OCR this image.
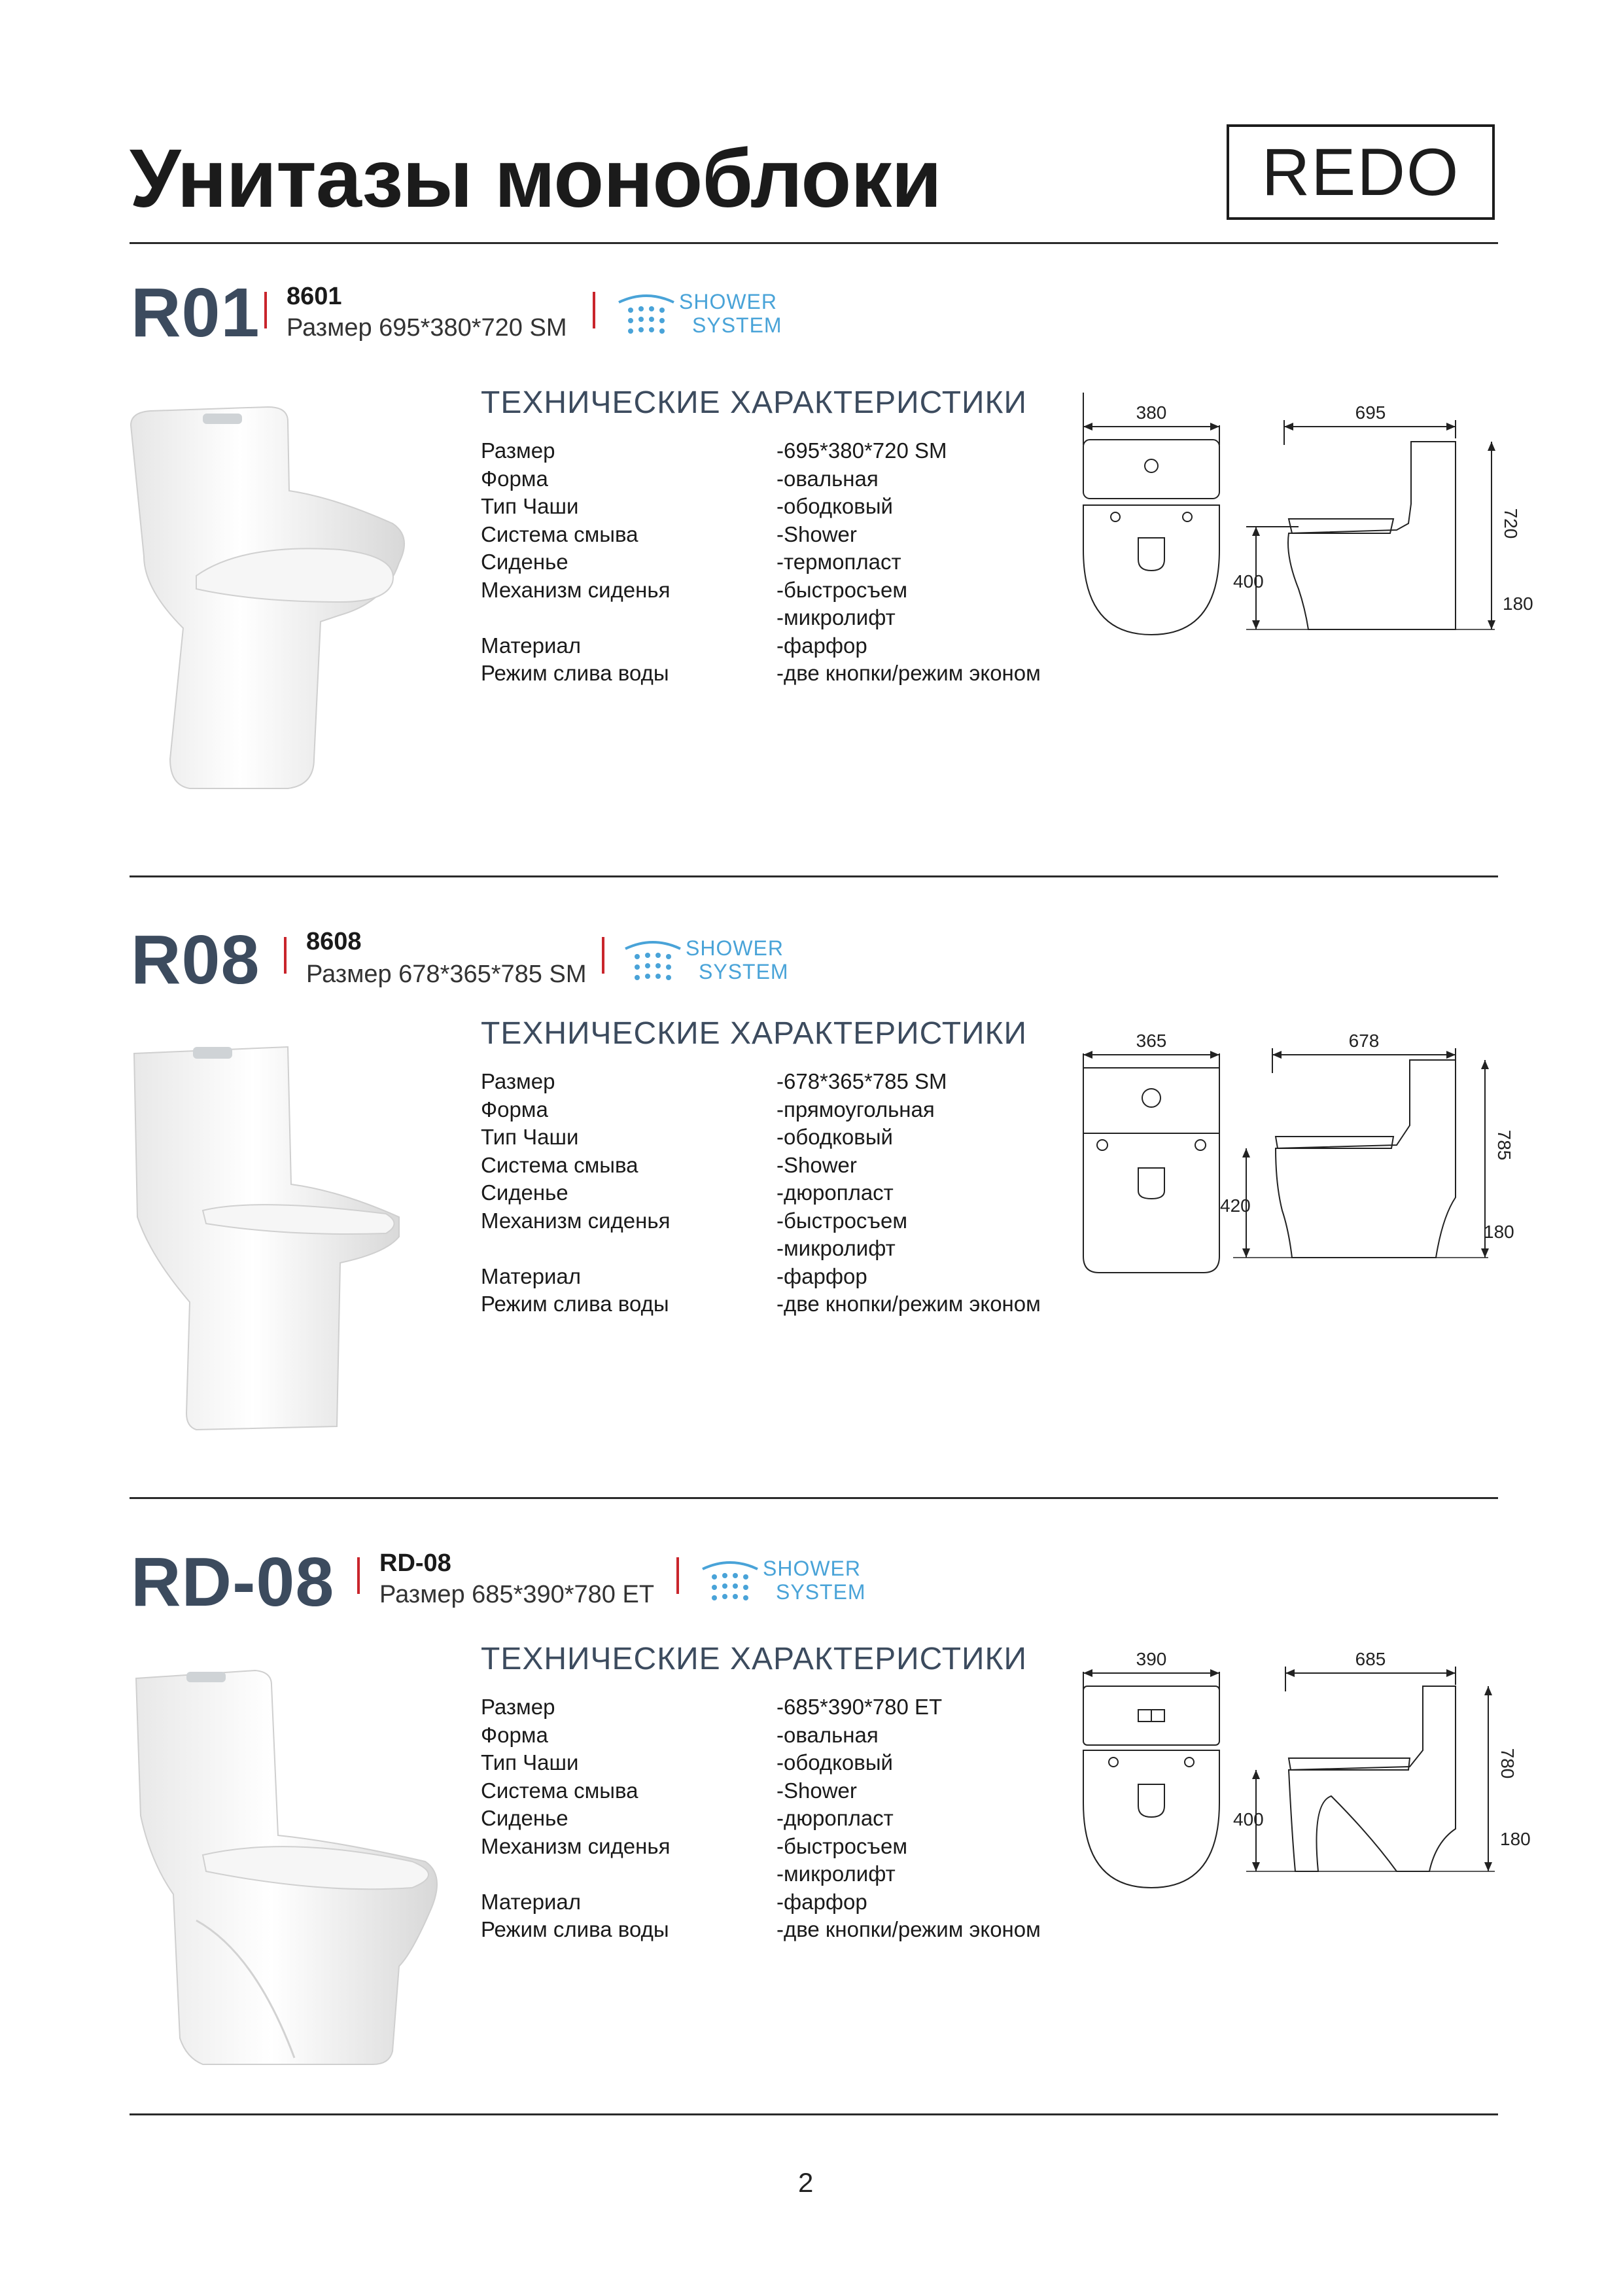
Унитазы моноблоки	REDO
R01 8601
Размер 695*380*720 SM
SHOWER
SYSTEM
ТЕХНИЧЕСКИЕ ХАРАКТЕРИСТИКИ
Размер	-695*380*720 SM
Форма	-овальная
Тип Чаши	-ободковый
Система смыва	-Shower
Сиденье	-термопласт
Механизм сиденья	-быстросъем
-микролифт
Материал	-фарфор
Режим слива воды	-две кнопки/режим эконом
380	695
720
180
400
R08 8608
Размер 678*365*785 SM
SHOWER
SYSTEM
ТЕХНИЧЕСКИЕ ХАРАКТЕРИСТИКИ
Размер	-678*365*785 SM
Форма	-прямоугольная
Тип Чаши	-ободковый
Система смыва	-Shower
Сиденье	-дюропласт
Механизм сиденья	-быстросъем
-микролифт
Материал	-фарфор
Режим слива воды	-две кнопки/режим эконом
365	678
785
180
420
RD-08 RD-08
Размер 685*390*780 ET
SHOWER
SYSTEM
ТЕХНИЧЕСКИЕ ХАРАКТЕРИСТИКИ
Размер	-685*390*780 ET
Форма	-овальная
Тип Чаши	-ободковый
Система смыва	-Shower
Сиденье	-дюропласт
Механизм сиденья	-быстросъем
-микролифт
Материал	-фарфор
Режим слива воды	-две кнопки/режим эконом
390	685
780
180
400
2
